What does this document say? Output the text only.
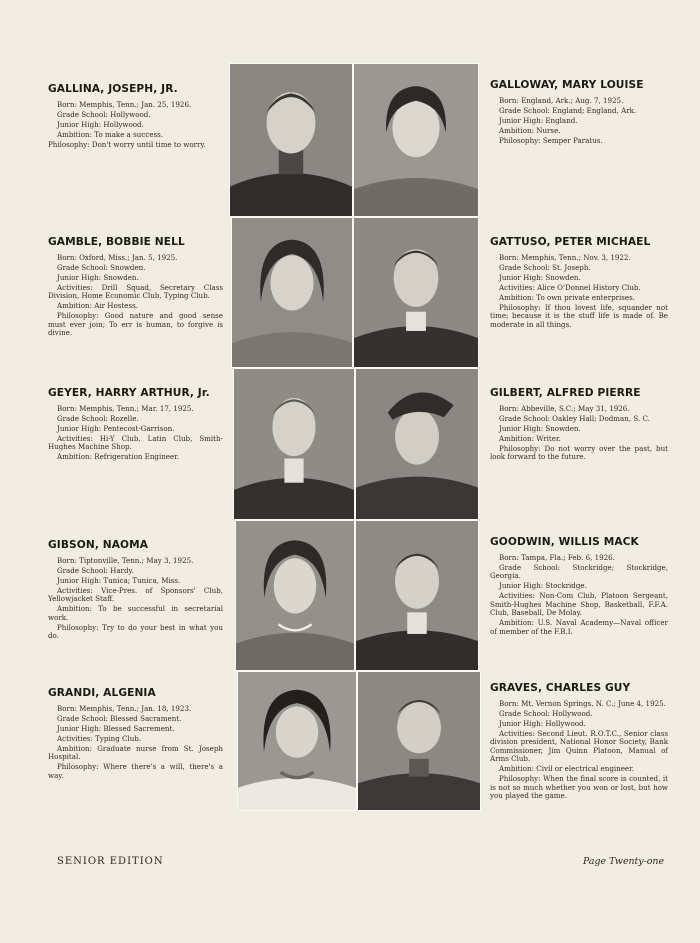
GALLINA, JOSEPH, JR.

Born: Memphis, Tenn.; Jan. 25, 1926.

Grade School: Hollywood.

Junior High: Hollywood.

Ambition: To make a success.

Philosophy: Don't worry until time to worry.

GALLOWAY, MARY LOUISE

Born: England, Ark.; Aug. 7, 1925.

Grade School: England; England, Ark.

Junior High: England.

Ambition: Nurse.

Philosophy: Semper Paratus.

GAMBLE, BOBBIE NELL

Born: Oxford, Miss.; Jan. 5, 1925.

Grade School: Snowden.

Junior High: Snowden.

Activities: Drill Squad, Secretary Class Division, Home Economic Club, Typing Club.

Ambition: Air Hostess.

Philosophy: Good nature and good sense must ever join; To err is human, to forgive is divine.

GATTUSO, PETER MICHAEL

Born: Memphis, Tenn.; Nov. 3, 1922.

Grade School: St. Joseph.

Junior High: Snowden.

Activities: Alice O'Donnel History Club.

Ambition: To own private enterprises.

Philosophy: If thou lovest life, squander not time; because it is the stuff life is made of. Be moderate in all things.

GEYER, HARRY ARTHUR, Jr.

Born: Memphis, Tenn.; Mar. 17, 1925.

Grade School: Rozelle.

Junior High: Pentecost-Garrison.

Activities: Hi-Y Club, Latin Club, Smith-Hughes Machine Shop.

Ambition: Refrigeration Engineer.

GILBERT, ALFRED PIERRE

Born: Abbeville, S.C.; May 31, 1926.

Grade School: Oakley Hall; Dodman, S. C.

Junior High: Snowden.

Ambition: Writer.

Philosophy: Do not worry over the past, but look forward to the future.

GIBSON, NAOMA

Born: Tiptonville, Tenn.; May 3, 1925.

Grade School: Hardy.

Junior High: Tunica; Tunica, Miss.

Activities: Vice-Pres. of Sponsors' Club, Yellowjacket Staff.

Ambition: To be successful in secretarial work.

Philosophy: Try to do your best in what you do.

GOODWIN, WILLIS MACK

Born: Tampa, Fla.; Feb. 6, 1926.

Grade School: Stockridge; Stockridge, Georgia.

Junior High: Stockridge.

Activities: Non-Com Club, Platoon Sergeant, Smith-Hughes Machine Shop, Basketball, F.F.A. Club, Baseball, De Molay.

Ambition: U.S. Naval Academy—Naval officer of member of the F.B.I.

GRANDI, ALGENIA

Born: Memphis, Tenn.; Jan. 18, 1923.

Grade School: Blessed Sacrament.

Junior High: Blessed Sacrement.

Activities: Typing Club.

Ambition: Graduate nurse from St. Joseph Hospital.

Philosophy: Where there's a will, there's a way.

GRAVES, CHARLES GUY

Born: Mt. Vernon Springs, N. C.; June 4, 1925.

Grade School: Hollywood.

Junior High: Hollywood.

Activities: Second Lieut. R.O.T.C., Senior class division president, National Honor Society, Bank Commissioner, Jim Quinn Platoon, Manual of Arms Club.

Ambition: Civil or electrical engineer.

Philosophy: When the final score is counted, it is not so much whether you won or lost, but how you played the game.

SENIOR EDITION	Page Twenty-one
